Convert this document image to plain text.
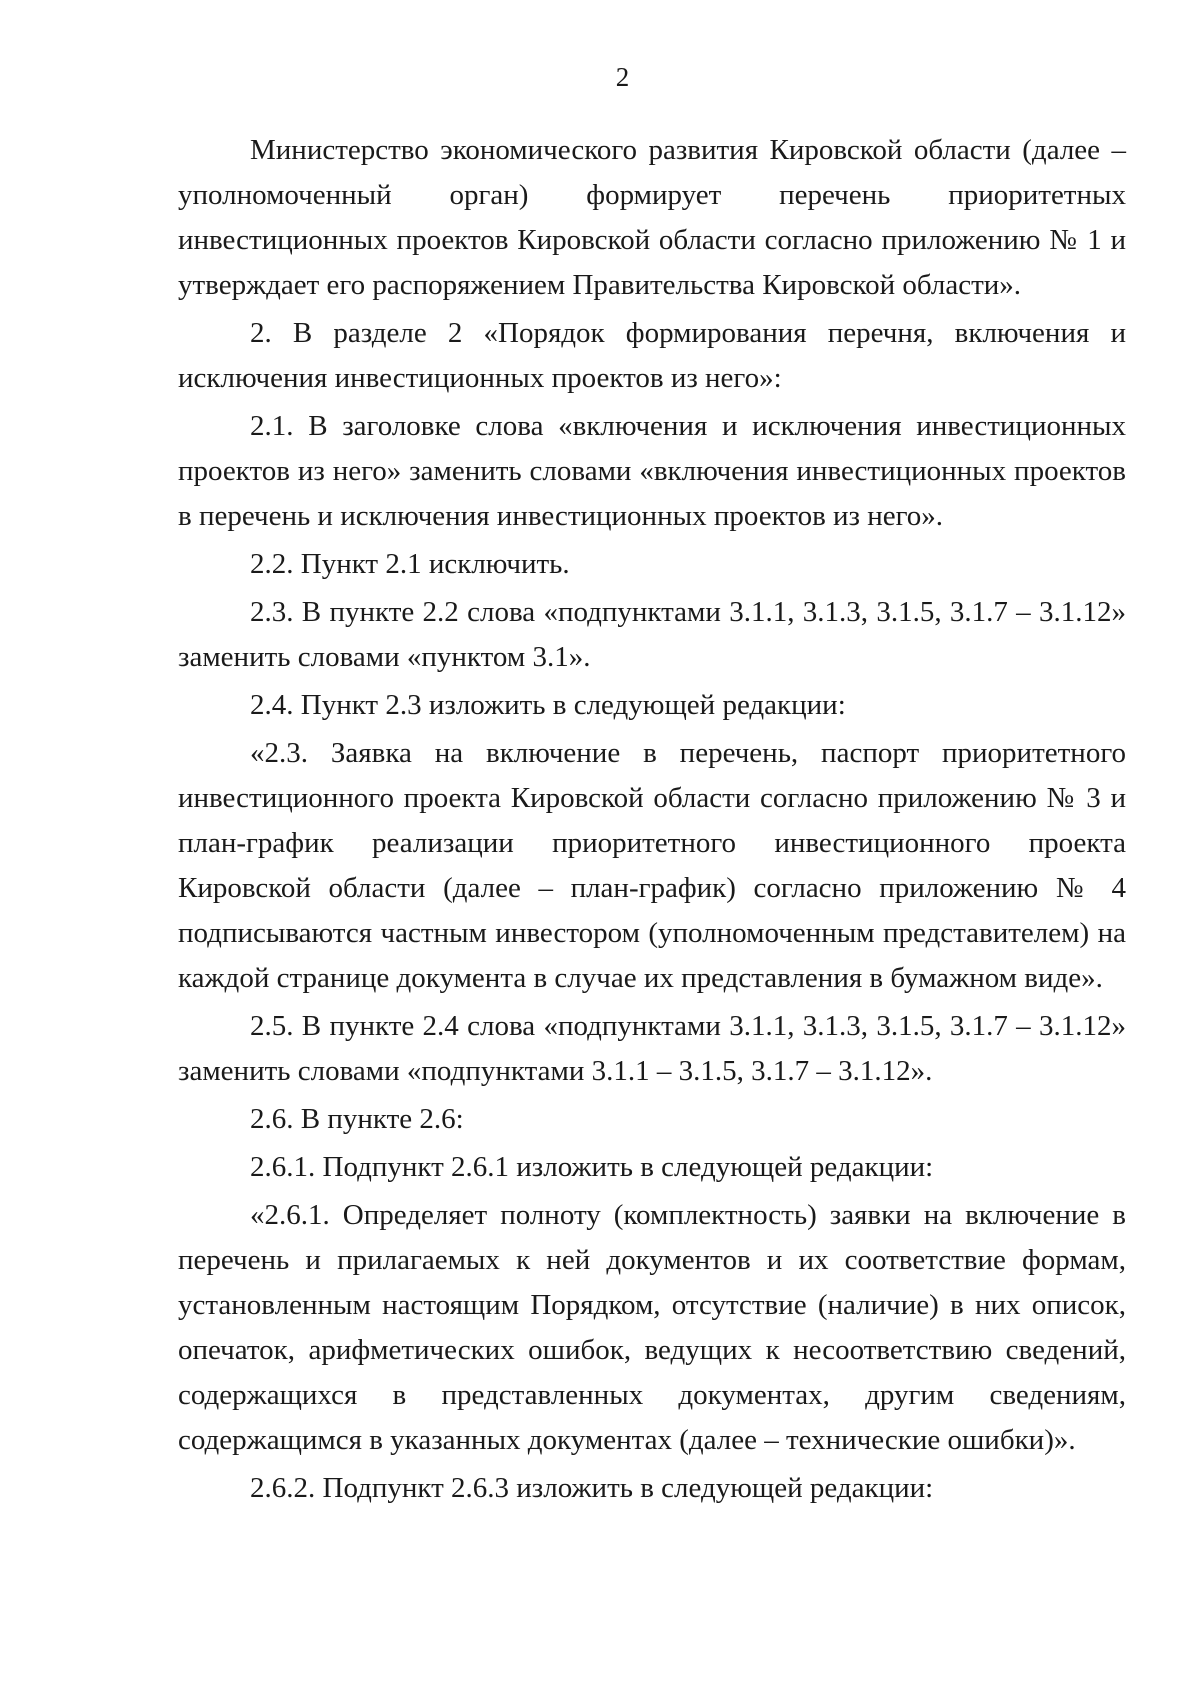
2

Министерство экономического развития Кировской области (далее – уполномоченный орган) формирует перечень приоритетных инвестиционных проектов Кировской области согласно приложению № 1 и утверждает его распоряжением Правительства Кировской области».

2. В разделе 2 «Порядок формирования перечня, включения и исключения инвестиционных проектов из него»:

2.1. В заголовке слова «включения и исключения инвестиционных проектов из него» заменить словами «включения инвестиционных проектов в перечень и исключения инвестиционных проектов из него».

2.2. Пункт 2.1 исключить.

2.3. В пункте 2.2 слова «подпунктами 3.1.1, 3.1.3, 3.1.5, 3.1.7 – 3.1.12» заменить словами «пунктом 3.1».

2.4. Пункт 2.3 изложить в следующей редакции:

«2.3. Заявка на включение в перечень, паспорт приоритетного инвестиционного проекта Кировской области согласно приложению № 3 и план-график реализации приоритетного инвестиционного проекта Кировской области (далее – план-график) согласно приложению № 4 подписываются частным инвестором (уполномоченным представителем) на каждой странице документа в случае их представления в бумажном виде».

2.5. В пункте 2.4 слова «подпунктами 3.1.1, 3.1.3, 3.1.5, 3.1.7 – 3.1.12» заменить словами «подпунктами 3.1.1 – 3.1.5, 3.1.7 – 3.1.12».

2.6. В пункте 2.6:

2.6.1. Подпункт 2.6.1 изложить в следующей редакции:

«2.6.1. Определяет полноту (комплектность) заявки на включение в перечень и прилагаемых к ней документов и их соответствие формам, установленным настоящим Порядком, отсутствие (наличие) в них описок, опечаток, арифметических ошибок, ведущих к несоответствию сведений, содержащихся в представленных документах, другим сведениям, содержащимся в указанных документах (далее – технические ошибки)».

2.6.2. Подпункт 2.6.3 изложить в следующей редакции:
